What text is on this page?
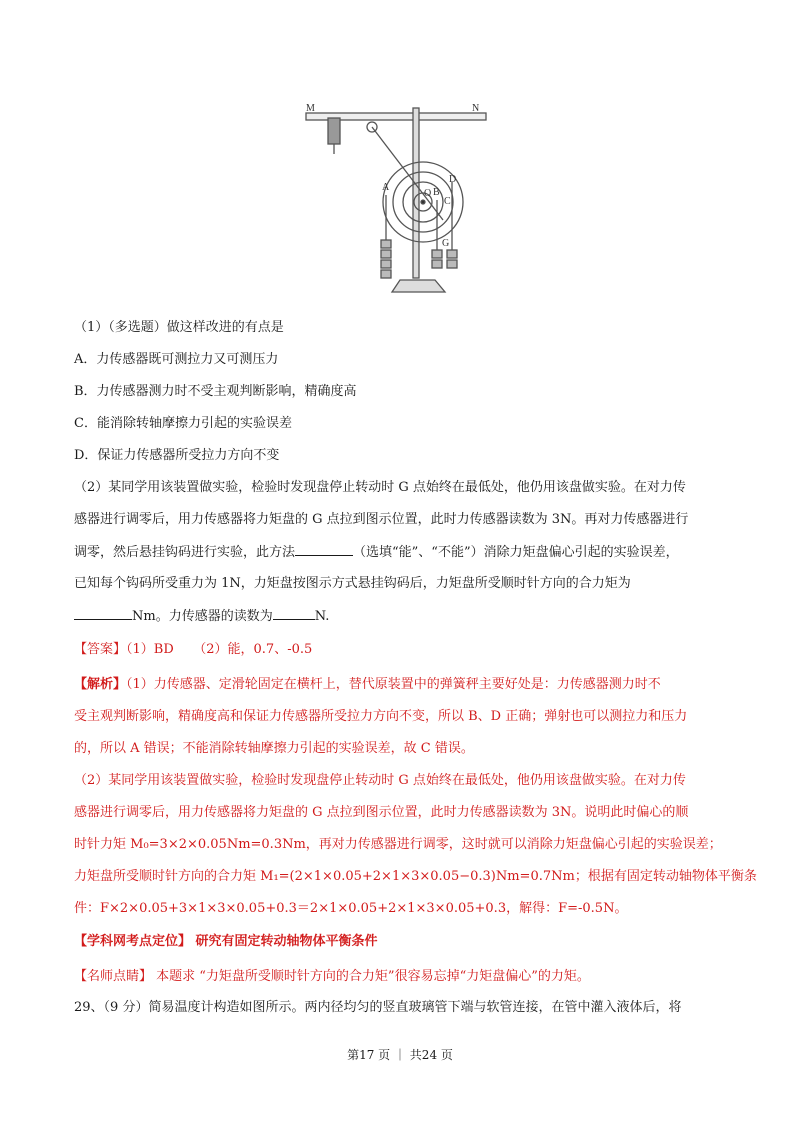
M	N
A	B
C
D
G
O
（1）（多选题）做这样改进的有点是
A．力传感器既可测拉力又可测压力
B．力传感器测力时不受主观判断影响，精确度高
C．能消除转轴摩擦力引起的实验误差
D．保证力传感器所受拉力方向不变
（2）某同学用该装置做实验，检验时发现盘停止转动时 G 点始终在最低处，他仍用该盘做实验。在对力传
感器进行调零后，用力传感器将力矩盘的 G 点拉到图示位置，此时力传感器读数为 3N。再对力传感器进行
调零，然后悬挂钩码进行实验，此方法	（选填“能”、“不能”）消除力矩盘偏心引起的实验误差，
已知每个钩码所受重力为 1N，力矩盘按图示方式悬挂钩码后，力矩盘所受顺时针方向的合力矩为
Nm。力传感器的读数为	N.
【答案】（1）BD　　（2）能，0.7、-0.5
【解析】（1）力传感器、定滑轮固定在横杆上，替代原装置中的弹簧秤主要好处是：力传感器测力时不
受主观判断影响，精确度高和保证力传感器所受拉力方向不变，所以 B、D 正确；弹射也可以测拉力和压力
的，所以 A 错误；不能消除转轴摩擦力引起的实验误差，故 C 错误。
（2）某同学用该装置做实验，检验时发现盘停止转动时 G 点始终在最低处，他仍用该盘做实验。在对力传
感器进行调零后，用力传感器将力矩盘的 G 点拉到图示位置，此时力传感器读数为 3N。说明此时偏心的顺
时针力矩 M₀=3×2×0.05Nm=0.3Nm，再对力传感器进行调零，这时就可以消除力矩盘偏心引起的实验误差；
力矩盘所受顺时针方向的合力矩 M₁=(2×1×0.05+2×1×3×0.05−0.3)Nm=0.7Nm；根据有固定转动轴物体平衡条
件：F×2×0.05+3×1×3×0.05+0.3＝2×1×0.05+2×1×3×0.05+0.3，解得：F=-0.5N。
【学科网考点定位】 研究有固定转动轴物体平衡条件
【名师点睛】 本题求 “力矩盘所受顺时针方向的合力矩”很容易忘掉“力矩盘偏心”的力矩。
29、（9 分）简易温度计构造如图所示。两内径均匀的竖直玻璃管下端与软管连接，在管中灌入液体后，将
第17 页 ｜ 共24 页
